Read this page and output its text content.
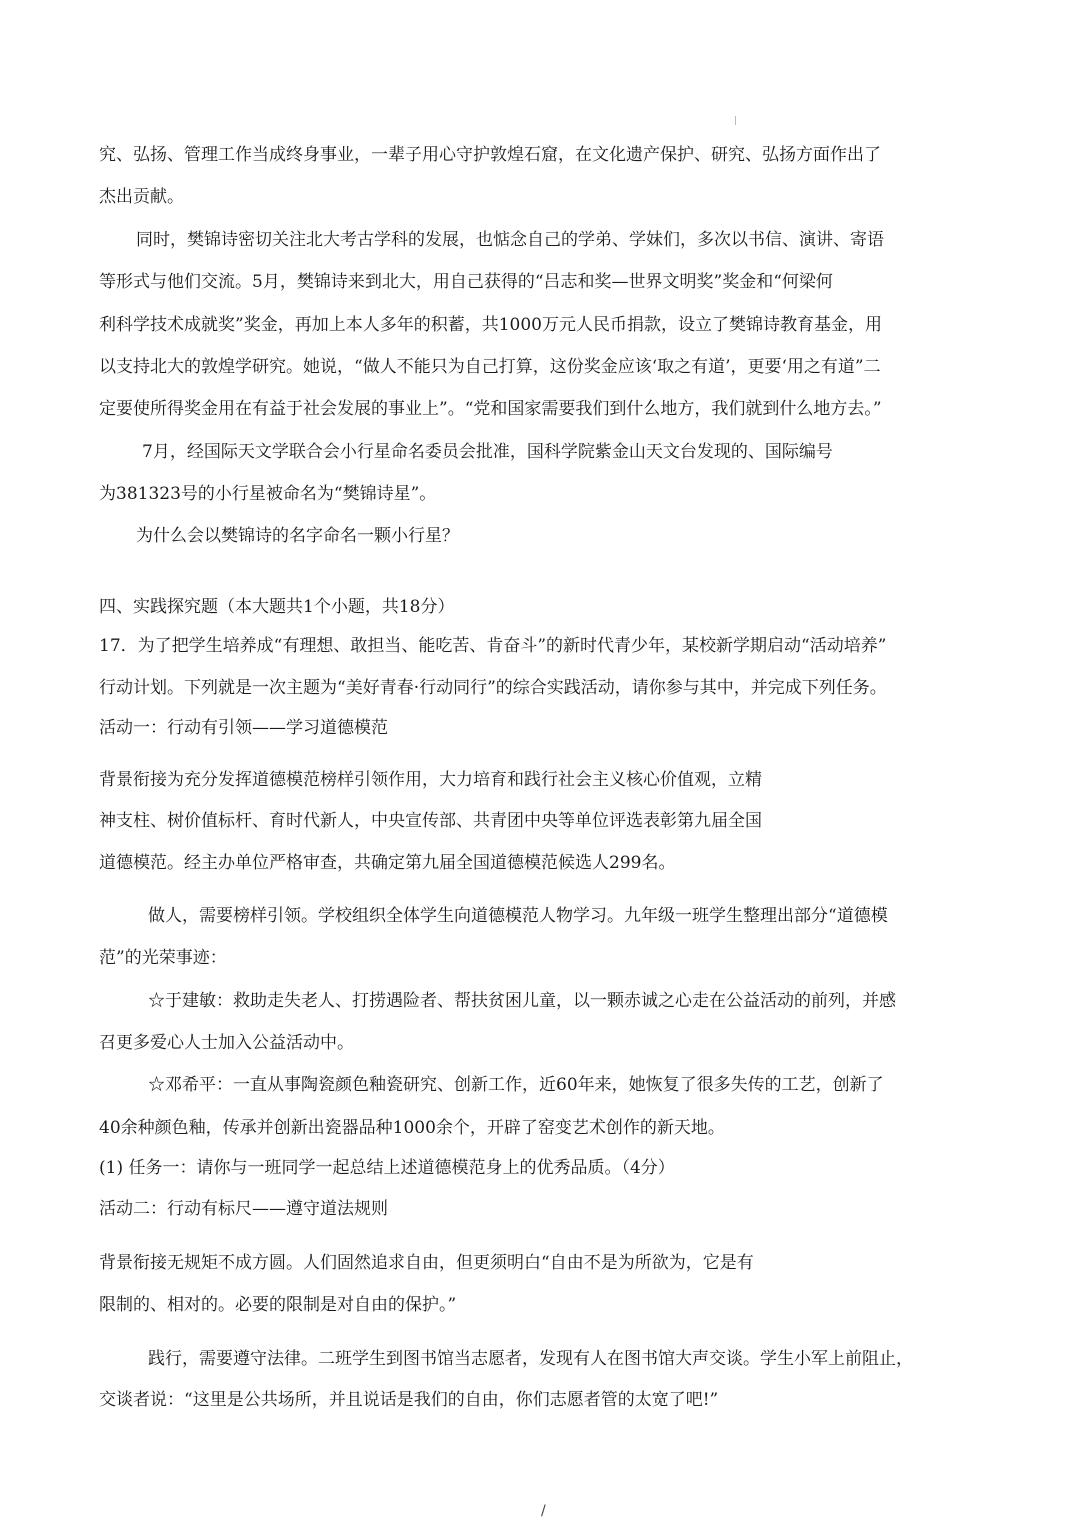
究、弘扬、管理工作当成终身事业，一辈子用心守护敦煌石窟，在文化遗产保护、研究、弘扬方面作出了
杰出贡献。
同时，樊锦诗密切关注北大考古学科的发展，也惦念自己的学弟、学妹们，多次以书信、演讲、寄语
等形式与他们交流。5月，樊锦诗来到北大，用自己获得的“吕志和奖—世界文明奖”奖金和“何梁何
利科学技术成就奖”奖金，再加上本人多年的积蓄，共1000万元人民币捐款，设立了樊锦诗教育基金，用
以支持北大的敦煌学研究。她说，“做人不能只为自己打算，这份奖金应该‘取之有道’，更要‘用之有道”二
定要使所得奖金用在有益于社会发展的事业上”。“党和国家需要我们到什么地方，我们就到什么地方去。”
7月，经国际天文学联合会小行星命名委员会批准，国科学院紫金山天文台发现的、国际编号
为381323号的小行星被命名为“樊锦诗星”。
为什么会以樊锦诗的名字命名一颗小行星？
四、实践探究题（本大题共1个小题，共18分）
17．为了把学生培养成“有理想、敢担当、能吃苦、肯奋斗”的新时代青少年，某校新学期启动“活动培养”
行动计划。下列就是一次主题为“美好青春·行动同行”的综合实践活动，请你参与其中，并完成下列任务。
活动一：行动有引领——学习道德模范
背景衔接为充分发挥道德模范榜样引领作用，大力培育和践行社会主义核心价值观，立精
神支柱、树价值标杆、育时代新人，中央宣传部、共青团中央等单位评选表彰第九届全国
道德模范。经主办单位严格审查，共确定第九届全国道德模范候选人299名。
做人，需要榜样引领。学校组织全体学生向道德模范人物学习。九年级一班学生整理出部分“道德模
范”的光荣事迹：
☆于建敏：救助走失老人、打捞遇险者、帮扶贫困儿童，以一颗赤诚之心走在公益活动的前列，并感
召更多爱心人士加入公益活动中。
☆邓希平：一直从事陶瓷颜色釉瓷研究、创新工作，近60年来，她恢复了很多失传的工艺，创新了
40余种颜色釉，传承并创新出瓷器品种1000余个，开辟了窑变艺术创作的新天地。
(1) 任务一：请你与一班同学一起总结上述道德模范身上的优秀品质。（4分）
活动二：行动有标尺——遵守道法规则
背景衔接无规矩不成方圆。人们固然追求自由，但更须明白“自由不是为所欲为，它是有
限制的、相对的。必要的限制是对自由的保护。”
践行，需要遵守法律。二班学生到图书馆当志愿者，发现有人在图书馆大声交谈。学生小军上前阻止，
交谈者说：“这里是公共场所，并且说话是我们的自由，你们志愿者管的太宽了吧!”
/
